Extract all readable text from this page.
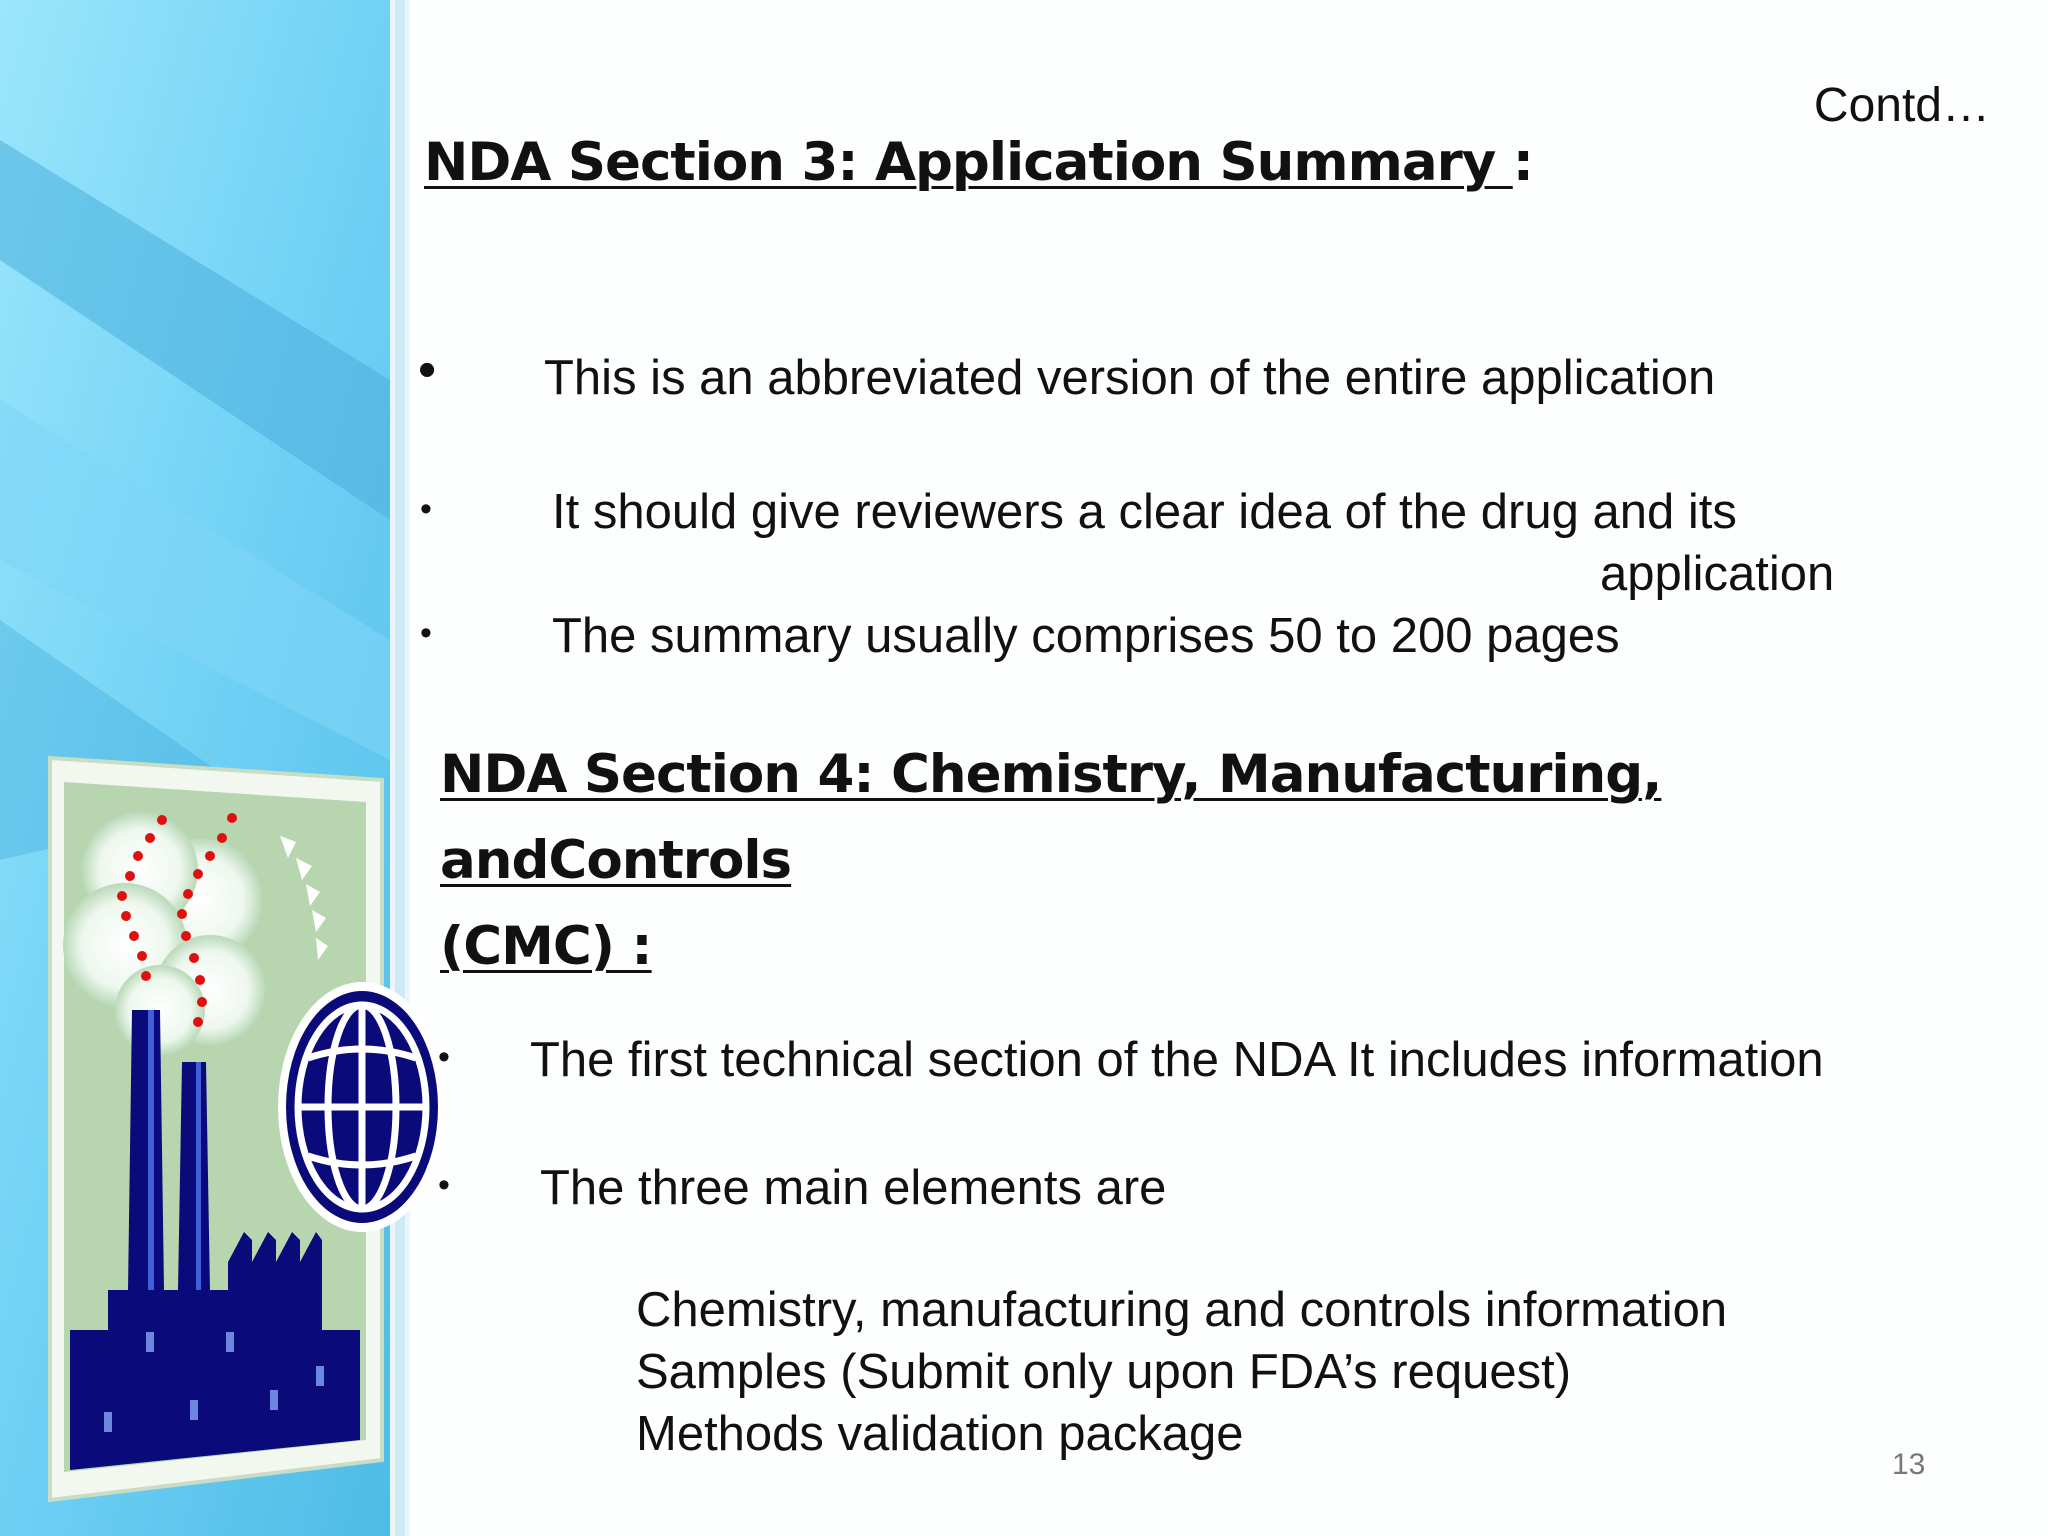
Contd…
NDA Section 3: Application Summary :
• This is an abbreviated version of the entire application
• It should give reviewers a clear idea of the drug and its
application
• The summary usually comprises 50 to 200 pages
NDA Section 4: Chemistry, Manufacturing, andControls
(CMC) :
• The first technical section of the NDA It includes information
• The three main elements are
Chemistry, manufacturing and controls information
Samples (Submit only upon FDA’s request)
Methods validation package
13
